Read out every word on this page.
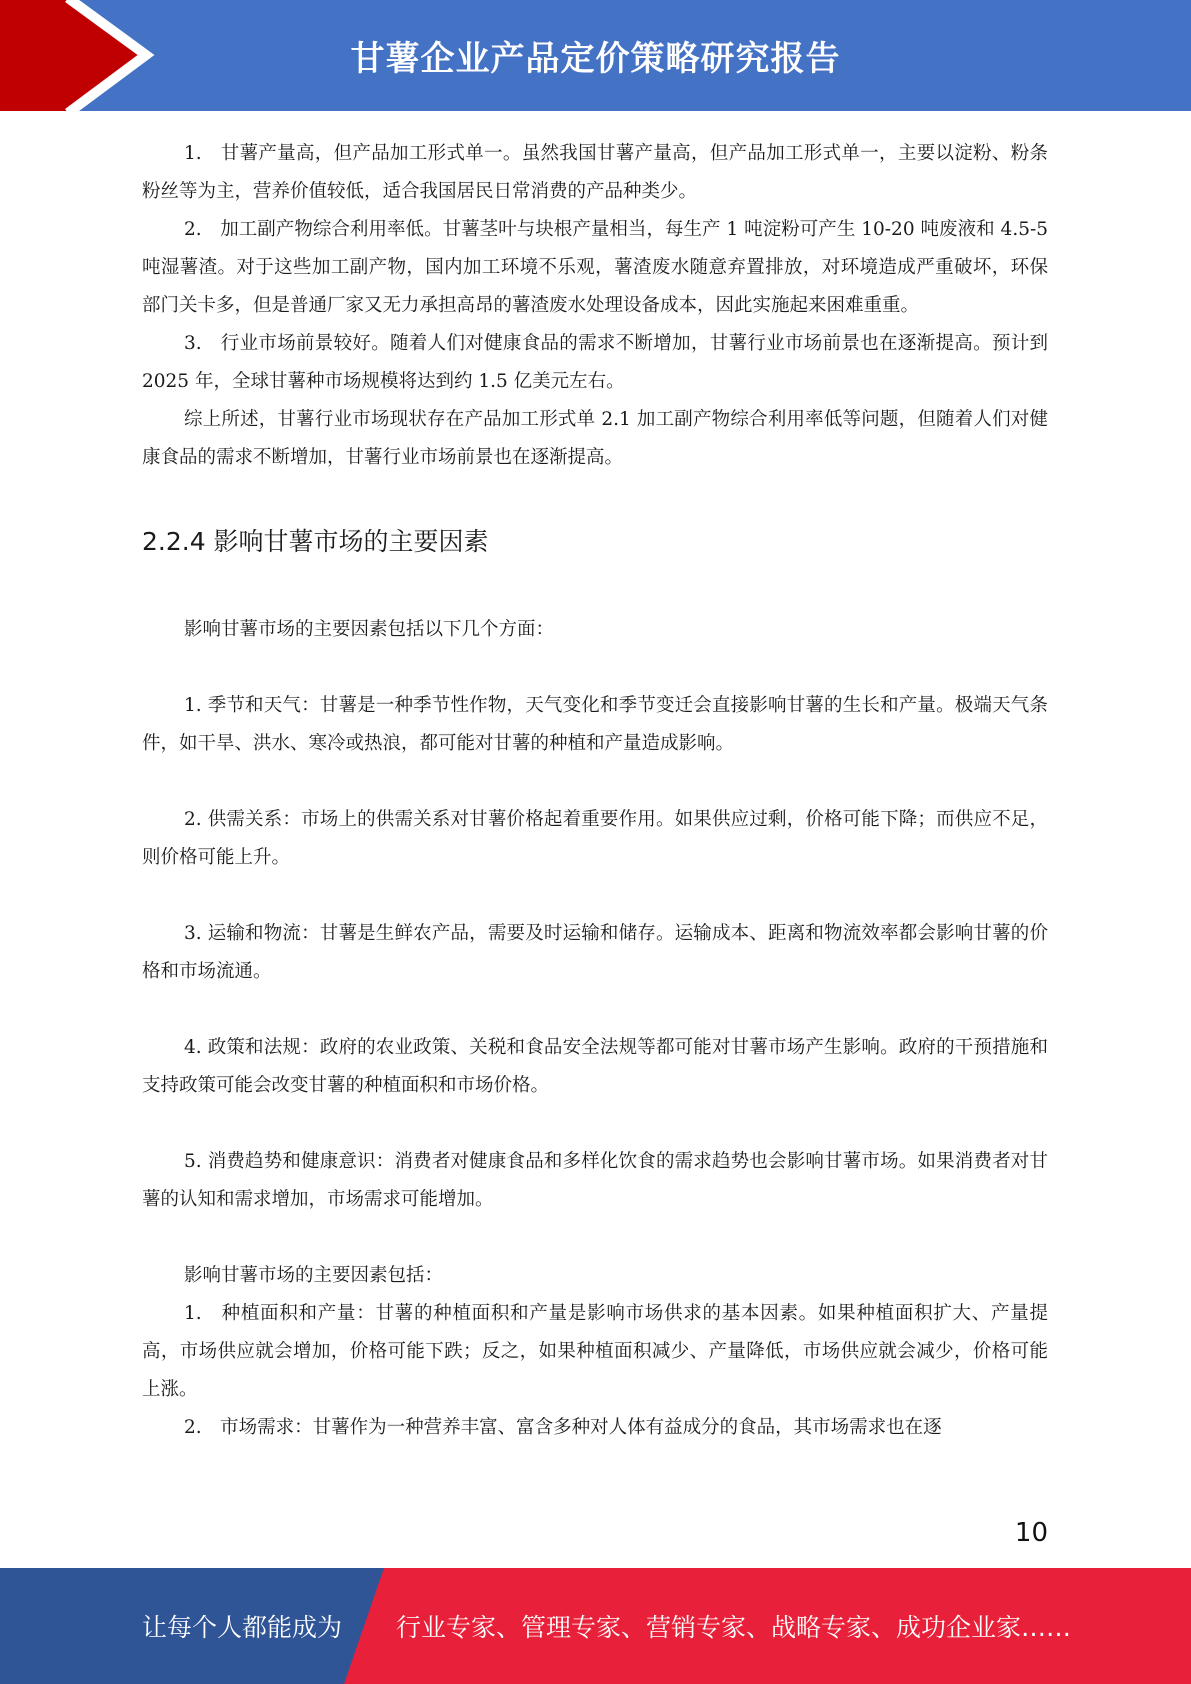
甘薯企业产品定价策略研究报告

1.　甘薯产量高，但产品加工形式单一。虽然我国甘薯产量高，但产品加工形式单一，主要以淀粉、粉条粉丝等为主，营养价值较低，适合我国居民日常消费的产品种类少。

2.　加工副产物综合利用率低。甘薯茎叶与块根产量相当，每生产 1 吨淀粉可产生 10-20 吨废液和 4.5-5 吨湿薯渣。对于这些加工副产物，国内加工环境不乐观，薯渣废水随意弃置排放，对环境造成严重破坏，环保部门关卡多，但是普通厂家又无力承担高昂的薯渣废水处理设备成本，因此实施起来困难重重。

3.　行业市场前景较好。随着人们对健康食品的需求不断增加，甘薯行业市场前景也在逐渐提高。预计到 2025 年，全球甘薯种市场规模将达到约 1.5 亿美元左右。

综上所述，甘薯行业市场现状存在产品加工形式单 2.1 加工副产物综合利用率低等问题，但随着人们对健康食品的需求不断增加，甘薯行业市场前景也在逐渐提高。

2.2.4 影响甘薯市场的主要因素

影响甘薯市场的主要因素包括以下几个方面：

1. 季节和天气：甘薯是一种季节性作物，天气变化和季节变迁会直接影响甘薯的生长和产量。极端天气条件，如干旱、洪水、寒冷或热浪，都可能对甘薯的种植和产量造成影响。

2. 供需关系：市场上的供需关系对甘薯价格起着重要作用。如果供应过剩，价格可能下降；而供应不足，则价格可能上升。

3. 运输和物流：甘薯是生鲜农产品，需要及时运输和储存。运输成本、距离和物流效率都会影响甘薯的价格和市场流通。

4. 政策和法规：政府的农业政策、关税和食品安全法规等都可能对甘薯市场产生影响。政府的干预措施和支持政策可能会改变甘薯的种植面积和市场价格。

5. 消费趋势和健康意识：消费者对健康食品和多样化饮食的需求趋势也会影响甘薯市场。如果消费者对甘薯的认知和需求增加，市场需求可能增加。

影响甘薯市场的主要因素包括：

1.　种植面积和产量：甘薯的种植面积和产量是影响市场供求的基本因素。如果种植面积扩大、产量提高，市场供应就会增加，价格可能下跌；反之，如果种植面积减少、产量降低，市场供应就会减少，价格可能上涨。

2.　市场需求：甘薯作为一种营养丰富、富含多种对人体有益成分的食品，其市场需求也在逐

10
让每个人都能成为 行业专家、管理专家、营销专家、战略专家、成功企业家……
